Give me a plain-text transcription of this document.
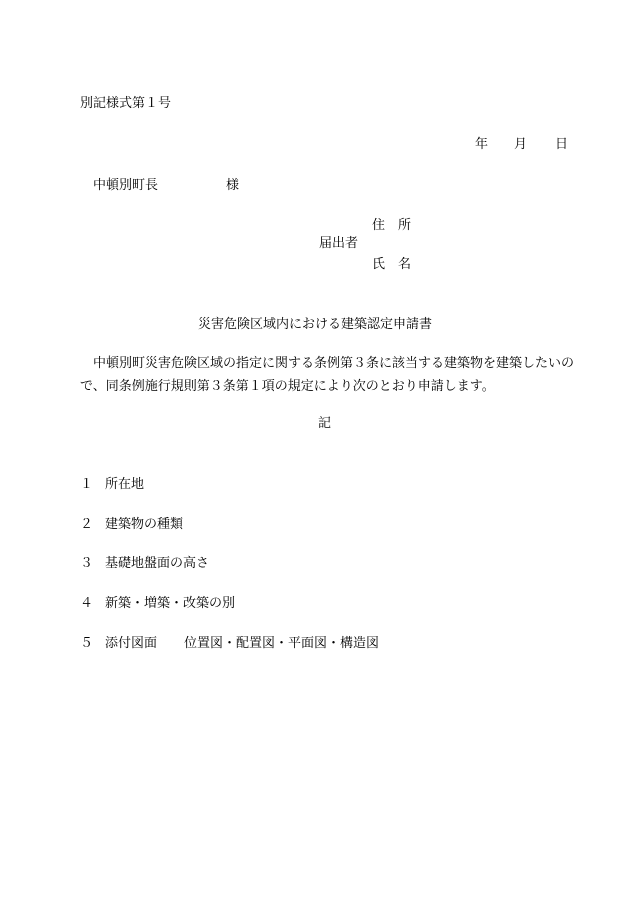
別記様式第１号
年 月 日
中頓別町長	様
住　所
届出者
氏　名
災害危険区域内における建築認定申請書
中頓別町災害危険区域の指定に関する条例第３条に該当する建築物を建築したいので、同条例施行規則第３条第１項の規定により次のとおり申請します。
記
１ 所在地
２ 建築物の種類
３ 基礎地盤面の高さ
４ 新築・増築・改築の別
５ 添付図面 位置図・配置図・平面図・構造図
